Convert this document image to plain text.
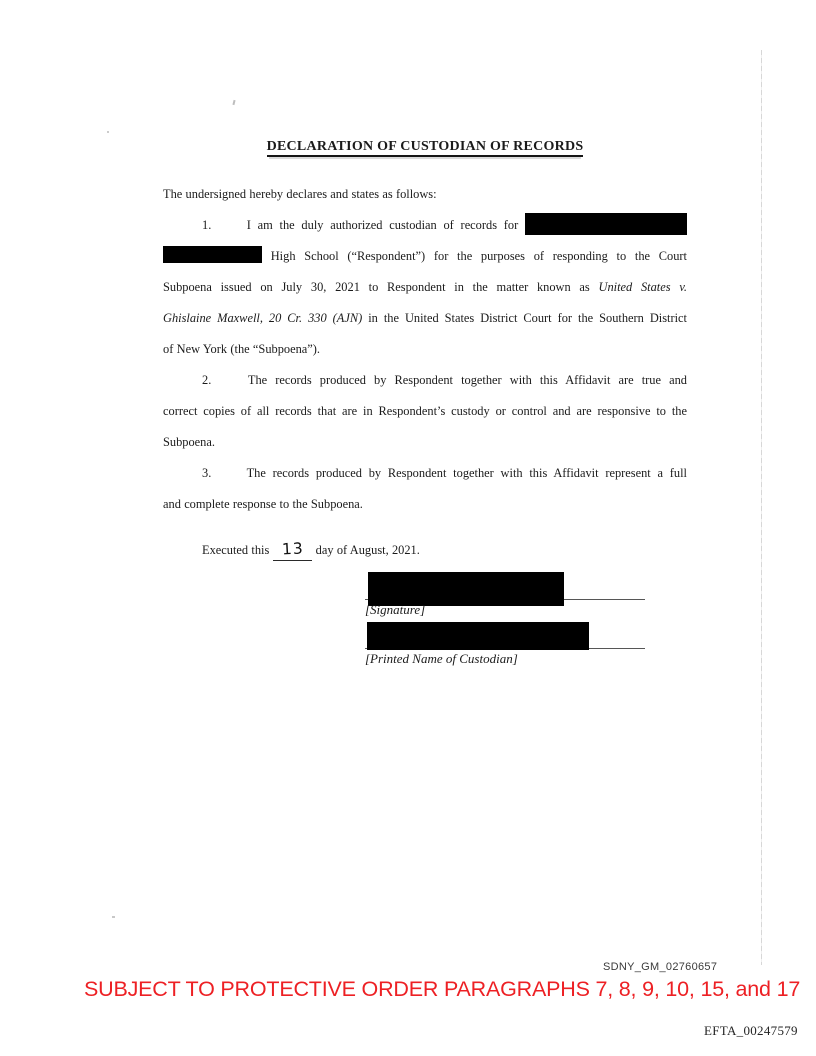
DECLARATION OF CUSTODIAN OF RECORDS
The undersigned hereby declares and states as follows:
1.	I am the duly authorized custodian of records for
High School (“Respondent”) for the purposes of responding to the Court
Subpoena issued on July 30, 2021 to Respondent in the matter known as United States v.
Ghislaine Maxwell, 20 Cr. 330 (AJN) in the United States District Court for the Southern District
of New York (the “Subpoena”).
2.	The records produced by Respondent together with this Affidavit are true and
correct copies of all records that are in Respondent’s custody or control and are responsive to the
Subpoena.
3.	The records produced by Respondent together with this Affidavit represent a full
and complete response to the Subpoena.
Executed this 13 day of August, 2021.
[Signature]
[Printed Name of Custodian]
SDNY_GM_02760657
SUBJECT TO PROTECTIVE ORDER PARAGRAPHS 7, 8, 9, 10, 15, and 17
EFTA_00247579
